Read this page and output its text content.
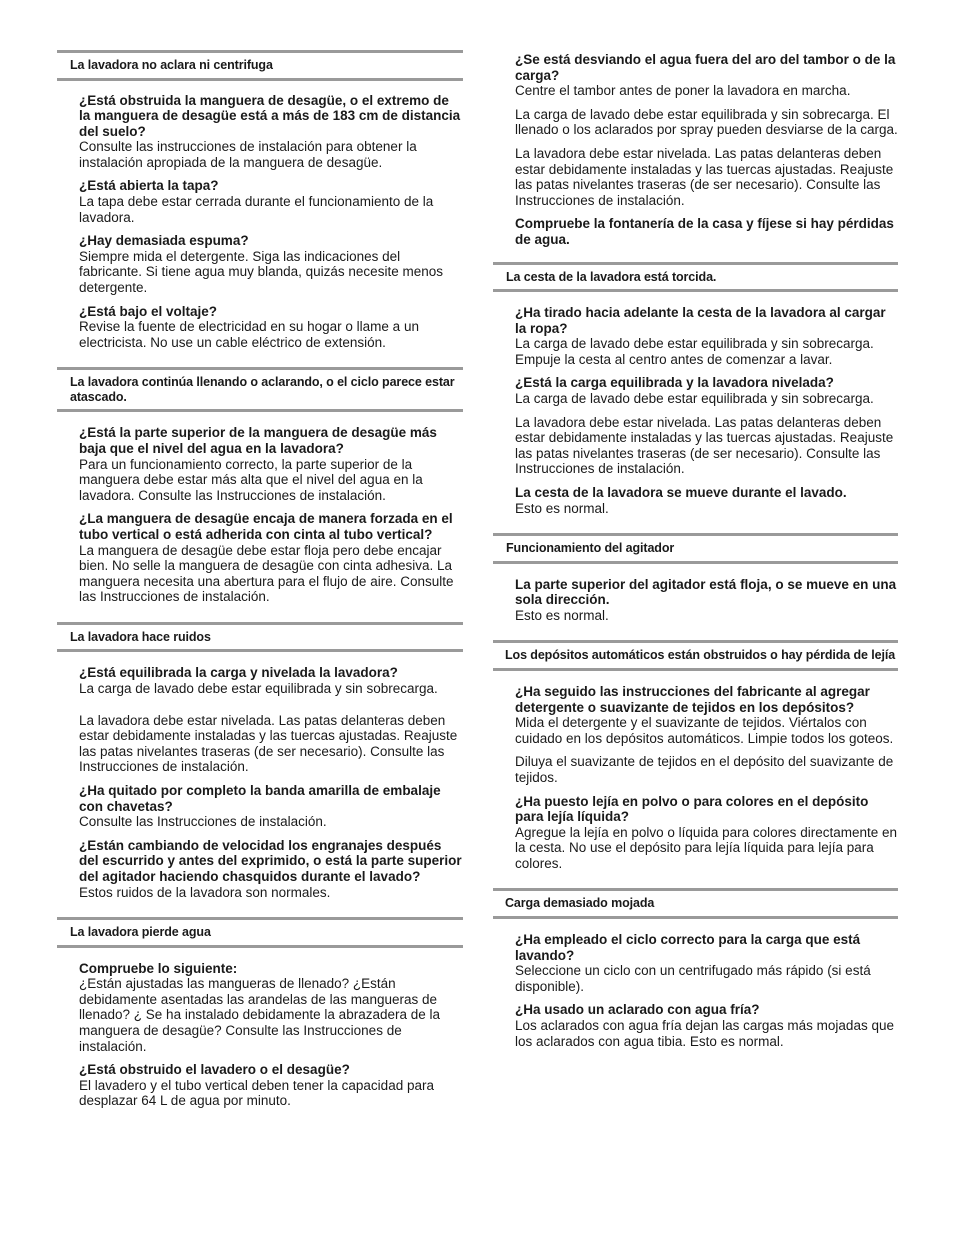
La lavadora no aclara ni centrifuga

¿Está obstruida la manguera de desagüe, o el extremo de la manguera de desagüe está a más de 183 cm de distancia del suelo?

Consulte las instrucciones de instalación para obtener la instalación apropiada de la manguera de desagüe.

¿Está abierta la tapa?

La tapa debe estar cerrada durante el funcionamiento de la lavadora.

¿Hay demasiada espuma?

Siempre mida el detergente. Siga las indicaciones del fabricante. Si tiene agua muy blanda, quizás necesite menos detergente.

¿Está bajo el voltaje?

Revise la fuente de electricidad en su hogar o llame a un electricista. No use un cable eléctrico de extensión.

La lavadora continúa llenando o aclarando, o el ciclo parece estar atascado.

¿Está la parte superior de la manguera de desagüe más baja que el nivel del agua en la lavadora?

Para un funcionamiento correcto, la parte superior de la manguera debe estar más alta que el nivel del agua en la lavadora. Consulte las Instrucciones de instalación.

¿La manguera de desagüe encaja de manera forzada en el tubo vertical o está adherida con cinta al tubo vertical?

La manguera de desagüe debe estar floja pero debe encajar bien. No selle la manguera de desagüe con cinta adhesiva. La manguera necesita una abertura para el flujo de aire. Consulte las Instrucciones de instalación.

La lavadora hace ruidos

¿Está equilibrada la carga y nivelada la lavadora?

La carga de lavado debe estar equilibrada y sin sobrecarga.

La lavadora debe estar nivelada. Las patas delanteras deben estar debidamente instaladas y las tuercas ajustadas. Reajuste las patas nivelantes traseras (de ser necesario). Consulte las Instrucciones de instalación.

¿Ha quitado por completo la banda amarilla de embalaje con chavetas?

Consulte las Instrucciones de instalación.

¿Están cambiando de velocidad los engranajes después del escurrido y antes del exprimido, o está la parte superior del agitador haciendo chasquidos durante el lavado?

Estos ruidos de la lavadora son normales.

La lavadora pierde agua

Compruebe lo siguiente:

¿Están ajustadas las mangueras de llenado? ¿Están debidamente asentadas las arandelas de las mangueras de llenado? ¿ Se ha instalado debidamente la abrazadera de la manguera de desagüe? Consulte las Instrucciones de instalación.

¿Está obstruido el lavadero o el desagüe?

El lavadero y el tubo vertical deben tener la capacidad para desplazar 64 L de agua por minuto.

¿Se está desviando el agua fuera del aro del tambor o de la carga?

Centre el tambor antes de poner la lavadora en marcha.

La carga de lavado debe estar equilibrada y sin sobrecarga. El llenado o los aclarados por spray pueden desviarse de la carga.

La lavadora debe estar nivelada. Las patas delanteras deben estar debidamente instaladas y las tuercas ajustadas. Reajuste las patas nivelantes traseras (de ser necesario). Consulte las Instrucciones de instalación.

Compruebe la fontanería de la casa y fíjese si hay pérdidas de agua.

La cesta de la lavadora está torcida.

¿Ha tirado hacia adelante la cesta de la lavadora al cargar la ropa?

La carga de lavado debe estar equilibrada y sin sobrecarga. Empuje la cesta al centro antes de comenzar a lavar.

¿Está la carga equilibrada y la lavadora nivelada?

La carga de lavado debe estar equilibrada y sin sobrecarga.

La lavadora debe estar nivelada. Las patas delanteras deben estar debidamente instaladas y las tuercas ajustadas. Reajuste las patas nivelantes traseras (de ser necesario). Consulte las Instrucciones de instalación.

La cesta de la lavadora se mueve durante el lavado.

Esto es normal.

Funcionamiento del agitador

La parte superior del agitador está floja, o se mueve en una sola dirección.

Esto es normal.

Los depósitos automáticos están obstruidos o hay pérdida de lejía

¿Ha seguido las instrucciones del fabricante al agregar detergente o suavizante de tejidos en los depósitos?

Mida el detergente y el suavizante de tejidos. Viértalos con cuidado en los depósitos automáticos. Limpie todos los goteos.

Diluya el suavizante de tejidos en el depósito del suavizante de tejidos.

¿Ha puesto lejía en polvo o para colores en el depósito para lejía líquida?

Agregue la lejía en polvo o líquida para colores directamente en la cesta. No use el depósito para lejía líquida para lejía para colores.

Carga demasiado mojada

¿Ha empleado el ciclo correcto para la carga que está lavando?

Seleccione un ciclo con un centrifugado más rápido (si está disponible).

¿Ha usado un aclarado con agua fría?

Los aclarados con agua fría dejan las cargas más mojadas que los aclarados con agua tibia. Esto es normal.
